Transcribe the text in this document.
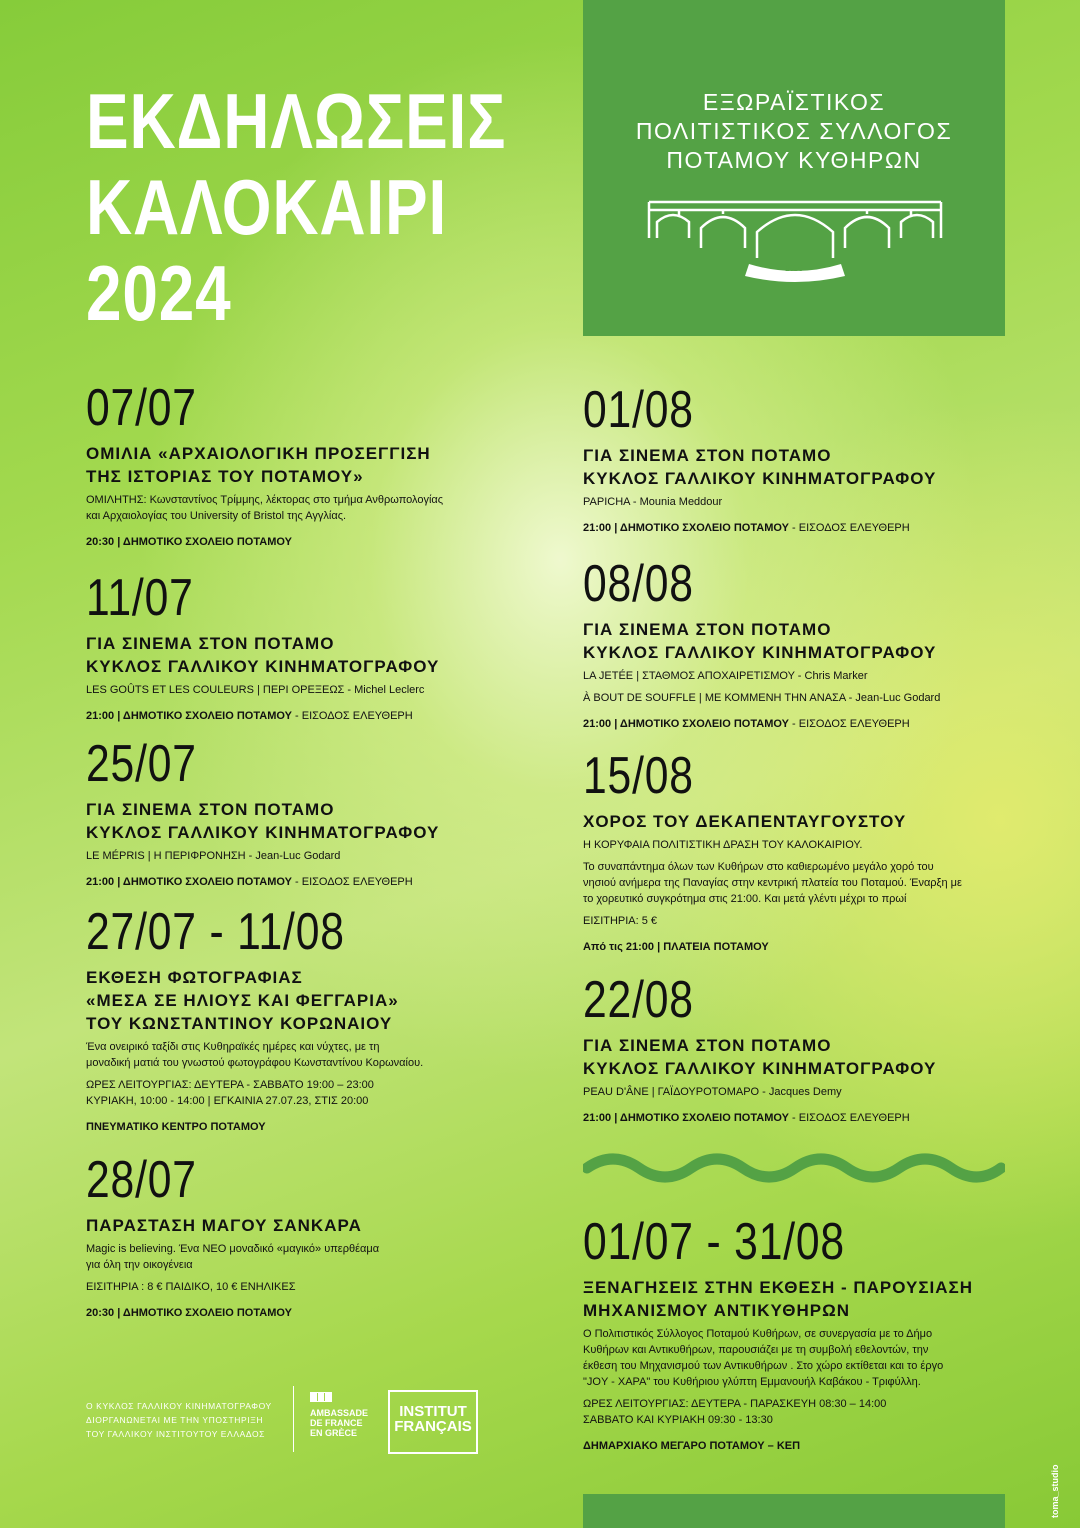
ΕΚΔΗΛΩΣΕΙΣ
ΚΑΛΟΚΑΙΡΙ
2024
ΕΞΩΡΑΪΣΤΙΚΟΣ
ΠΟΛΙΤΙΣΤΙΚΟΣ ΣΥΛΛΟΓΟΣ
ΠΟΤΑΜΟΥ ΚΥΘΗΡΩΝ
1995
07/07
ΟΜΙΛΙΑ «ΑΡΧΑΙΟΛΟΓΙΚΗ ΠΡΟΣΕΓΓΙΣΗ
ΤΗΣ ΙΣΤΟΡΙΑΣ ΤΟΥ ΠΟΤΑΜΟΥ»
ΟΜΙΛΗΤΗΣ: Κωνσταντίνος Τρίμμης, λέκτορας στο τμήμα Ανθρωπολογίας
και Αρχαιολογίας του University of Bristol της Αγγλίας.
20:30 | ΔΗΜΟΤΙΚΟ ΣΧΟΛΕΙΟ ΠΟΤΑΜΟΥ
11/07
ΓΙΑ ΣΙΝΕΜΑ ΣΤΟΝ ΠΟΤΑΜΟ
ΚΥΚΛΟΣ ΓΑΛΛΙΚΟΥ ΚΙΝΗΜΑΤΟΓΡΑΦΟΥ
LES GOÛTS ET LES COULEURS | ΠΕΡΙ ΟΡΕΞΕΩΣ - Michel Leclerc
21:00 | ΔΗΜΟΤΙΚΟ ΣΧΟΛΕΙΟ ΠΟΤΑΜΟΥ - ΕΙΣΟΔΟΣ ΕΛΕΥΘΕΡΗ
25/07
ΓΙΑ ΣΙΝΕΜΑ ΣΤΟΝ ΠΟΤΑΜΟ
ΚΥΚΛΟΣ ΓΑΛΛΙΚΟΥ ΚΙΝΗΜΑΤΟΓΡΑΦΟΥ
LE MÉPRIS | Η ΠΕΡΙΦΡΟΝΗΣΗ - Jean-Luc Godard
21:00 | ΔΗΜΟΤΙΚΟ ΣΧΟΛΕΙΟ ΠΟΤΑΜΟΥ - ΕΙΣΟΔΟΣ ΕΛΕΥΘΕΡΗ
27/07 - 11/08
ΕΚΘΕΣΗ ΦΩΤΟΓΡΑΦΙΑΣ
«ΜΕΣΑ ΣΕ ΗΛΙΟΥΣ ΚΑΙ ΦΕΓΓΑΡΙΑ»
ΤΟΥ ΚΩΝΣΤΑΝΤΙΝΟΥ ΚΟΡΩΝΑΙΟΥ
Ένα ονειρικό ταξίδι στις Κυθηραϊκές ημέρες και νύχτες, με τη
μοναδική ματιά του γνωστού φωτογράφου Κωνσταντίνου Κορωναίου.
ΩΡΕΣ ΛΕΙΤΟΥΡΓΙΑΣ: ΔΕΥΤΕΡΑ - ΣΑΒΒΑΤΟ 19:00 – 23:00
ΚΥΡΙΑΚΗ, 10:00 - 14:00 | ΕΓΚΑΙΝΙΑ 27.07.23, ΣΤΙΣ 20:00
ΠΝΕΥΜΑΤΙΚΟ ΚΕΝΤΡΟ ΠΟΤΑΜΟΥ
28/07
ΠΑΡΑΣΤΑΣΗ ΜΑΓΟΥ ΣΑΝΚΑΡΑ
Magic is believing. Ένα ΝΕΟ μοναδικό «μαγικό» υπερθέαμα
για όλη την οικογένεια
ΕΙΣΙΤΗΡΙΑ : 8 € ΠΑΙΔΙΚΟ, 10 € ΕΝΗΛΙΚΕΣ
20:30 | ΔΗΜΟΤΙΚΟ ΣΧΟΛΕΙΟ ΠΟΤΑΜΟΥ
01/08
ΓΙΑ ΣΙΝΕΜΑ ΣΤΟΝ ΠΟΤΑΜΟ
ΚΥΚΛΟΣ ΓΑΛΛΙΚΟΥ ΚΙΝΗΜΑΤΟΓΡΑΦΟΥ
PAPICHA - Mounia Meddour
21:00 | ΔΗΜΟΤΙΚΟ ΣΧΟΛΕΙΟ ΠΟΤΑΜΟΥ - ΕΙΣΟΔΟΣ ΕΛΕΥΘΕΡΗ
08/08
ΓΙΑ ΣΙΝΕΜΑ ΣΤΟΝ ΠΟΤΑΜΟ
ΚΥΚΛΟΣ ΓΑΛΛΙΚΟΥ ΚΙΝΗΜΑΤΟΓΡΑΦΟΥ
LA JETÉE | ΣΤΑΘΜΟΣ ΑΠΟΧΑΙΡΕΤΙΣΜΟΥ - Chris Marker
À BOUT DE SOUFFLE | ΜΕ ΚΟΜΜΕΝΗ ΤΗΝ ΑΝΑΣΑ - Jean-Luc Godard
21:00 | ΔΗΜΟΤΙΚΟ ΣΧΟΛΕΙΟ ΠΟΤΑΜΟΥ - ΕΙΣΟΔΟΣ ΕΛΕΥΘΕΡΗ
15/08
ΧΟΡΟΣ ΤΟΥ ΔΕΚΑΠΕΝΤΑΥΓΟΥΣΤΟΥ
Η ΚΟΡΥΦΑΙΑ ΠΟΛΙΤΙΣΤΙΚΗ ΔΡΑΣΗ ΤΟΥ ΚΑΛΟΚΑΙΡΙΟΥ.
Το συναπάντημα όλων των Κυθήρων στο καθιερωμένο μεγάλο χορό του
νησιού ανήμερα της Παναγίας στην κεντρική πλατεία του Ποταμού. Έναρξη με
το χορευτικό συγκρότημα στις 21:00. Και μετά γλέντι μέχρι το πρωί
ΕΙΣΙΤΗΡΙΑ: 5 €
Από τις 21:00 | ΠΛΑΤΕΙΑ ΠΟΤΑΜΟΥ
22/08
ΓΙΑ ΣΙΝΕΜΑ ΣΤΟΝ ΠΟΤΑΜΟ
ΚΥΚΛΟΣ ΓΑΛΛΙΚΟΥ ΚΙΝΗΜΑΤΟΓΡΑΦΟΥ
PEAU D'ÂNE | ΓΑΪΔΟΥΡΟΤΟΜΑΡΟ - Jacques Demy
21:00 | ΔΗΜΟΤΙΚΟ ΣΧΟΛΕΙΟ ΠΟΤΑΜΟΥ - ΕΙΣΟΔΟΣ ΕΛΕΥΘΕΡΗ
01/07 - 31/08
ΞΕΝΑΓΗΣΕΙΣ ΣΤΗΝ ΕΚΘΕΣΗ - ΠΑΡΟΥΣΙΑΣΗ
ΜΗΧΑΝΙΣΜΟΥ ΑΝΤΙΚΥΘΗΡΩΝ
Ο Πολιτιστικός Σύλλογος Ποταμού Κυθήρων, σε συνεργασία με το Δήμο
Κυθήρων και Αντικυθήρων, παρουσιάζει με τη συμβολή εθελοντών, την
έκθεση του Μηχανισμού των Αντικυθήρων . Στο χώρο εκτίθεται και το έργο
"JOY - ΧΑΡΑ" του Κυθήριου γλύπτη Εμμανουήλ Καβάκου - Τριφύλλη.
ΩΡΕΣ ΛΕΙΤΟΥΡΓΙΑΣ: ΔΕΥΤΕΡΑ - ΠΑΡΑΣΚΕΥΗ 08:30 – 14:00
ΣΑΒΒΑΤΟ ΚΑΙ ΚΥΡΙΑΚΗ 09:30 - 13:30
ΔΗΜΑΡΧΙΑΚΟ ΜΕΓΑΡΟ ΠΟΤΑΜΟΥ – ΚΕΠ
Ο ΚΥΚΛΟΣ ΓΑΛΛΙΚΟΥ ΚΙΝΗΜΑΤΟΓΡΑΦΟΥ
ΔΙΟΡΓΑΝΩΝΕΤΑΙ ΜΕ ΤΗΝ ΥΠΟΣΤΗΡΙΞΗ
ΤΟΥ ΓΑΛΛΙΚΟΥ ΙΝΣΤΙΤΟΥΤΟΥ ΕΛΛΑΔΟΣ
AMBASSADE
DE FRANCE
EN GRÈCE
INSTITUT
FRANÇAIS
toma_studio
